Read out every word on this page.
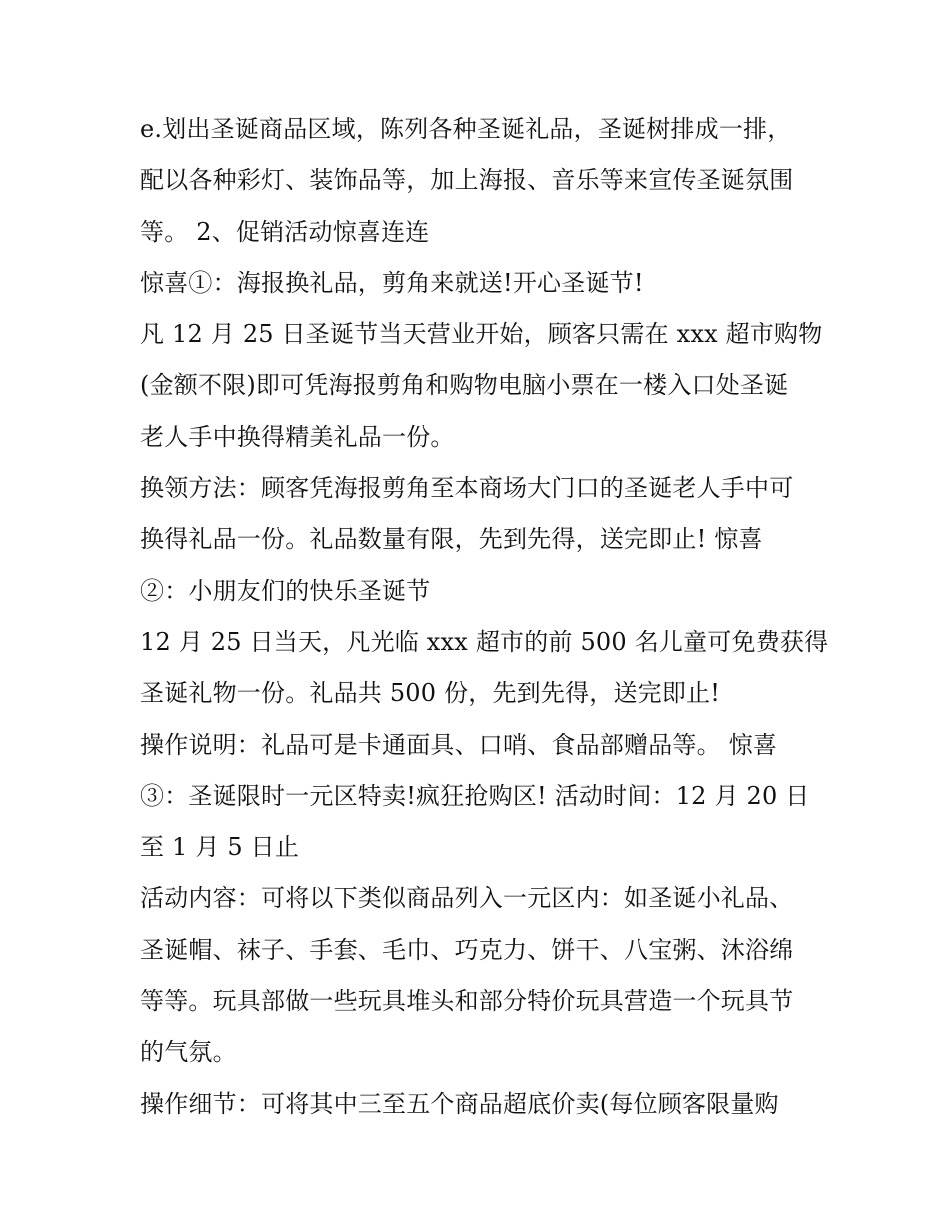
e.划出圣诞商品区域，陈列各种圣诞礼品，圣诞树排成一排，
配以各种彩灯、装饰品等，加上海报、音乐等来宣传圣诞氛围
等。 2、促销活动惊喜连连
惊喜①：海报换礼品，剪角来就送!开心圣诞节!
凡 12 月 25 日圣诞节当天营业开始，顾客只需在 xxx 超市购物
(金额不限)即可凭海报剪角和购物电脑小票在一楼入口处圣诞
老人手中换得精美礼品一份。
换领方法：顾客凭海报剪角至本商场大门口的圣诞老人手中可
换得礼品一份。礼品数量有限，先到先得，送完即止! 惊喜
②：小朋友们的快乐圣诞节
12 月 25 日当天，凡光临 xxx 超市的前 500 名儿童可免费获得
圣诞礼物一份。礼品共 500 份，先到先得，送完即止!
操作说明：礼品可是卡通面具、口哨、食品部赠品等。 惊喜
③：圣诞限时一元区特卖!疯狂抢购区! 活动时间：12 月 20 日
至 1 月 5 日止
活动内容：可将以下类似商品列入一元区内：如圣诞小礼品、
圣诞帽、袜子、手套、毛巾、巧克力、饼干、八宝粥、沐浴绵
等等。玩具部做一些玩具堆头和部分特价玩具营造一个玩具节
的气氛。
操作细节：可将其中三至五个商品超底价卖(每位顾客限量购
